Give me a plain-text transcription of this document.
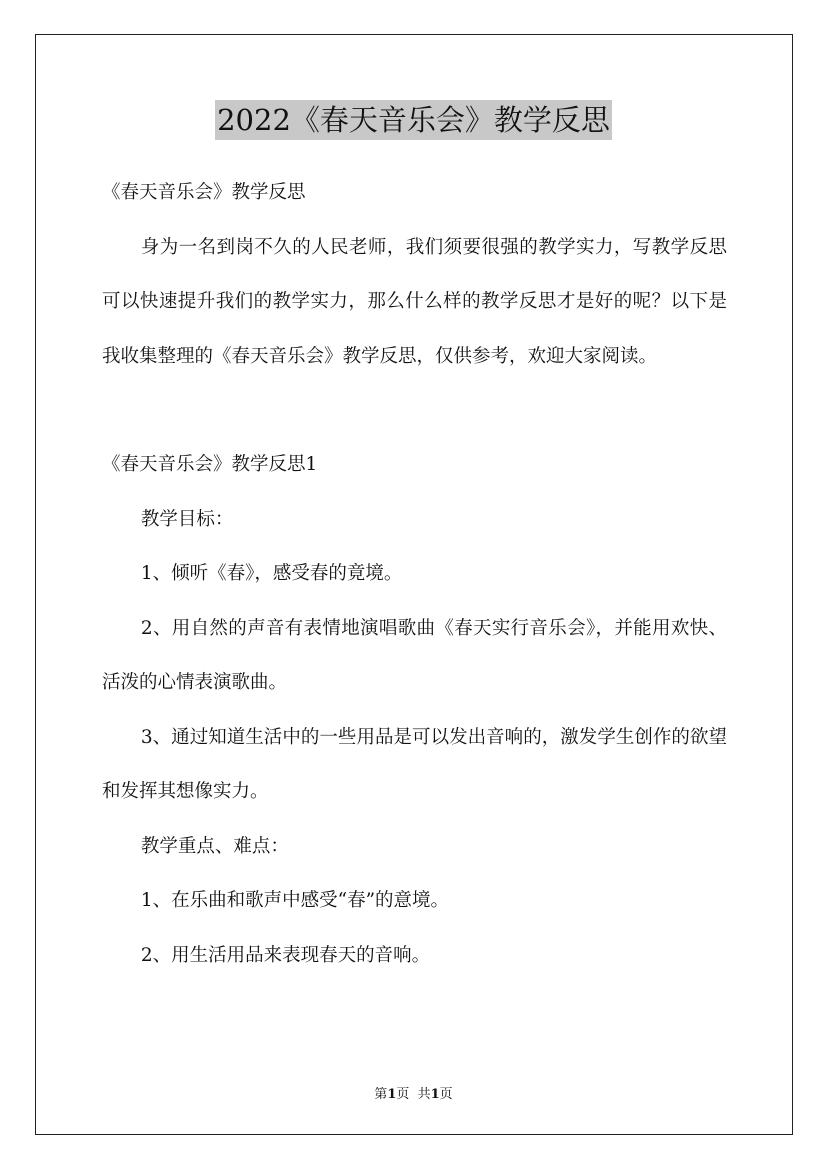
2022《春天音乐会》教学反思

《春天音乐会》教学反思

身为一名到岗不久的人民老师，我们须要很强的教学实力，写教学反思可以快速提升我们的教学实力，那么什么样的教学反思才是好的呢？以下是我收集整理的《春天音乐会》教学反思，仅供参考，欢迎大家阅读。

《春天音乐会》教学反思1

教学目标：

1、倾听《春》，感受春的竟境。

2、用自然的声音有表情地演唱歌曲《春天实行音乐会》，并能用欢快、活泼的心情表演歌曲。

3、通过知道生活中的一些用品是可以发出音响的，激发学生创作的欲望和发挥其想像实力。

教学重点、难点：

1、在乐曲和歌声中感受“春”的意境。

2、用生活用品来表现春天的音响。

第1页  共1页
